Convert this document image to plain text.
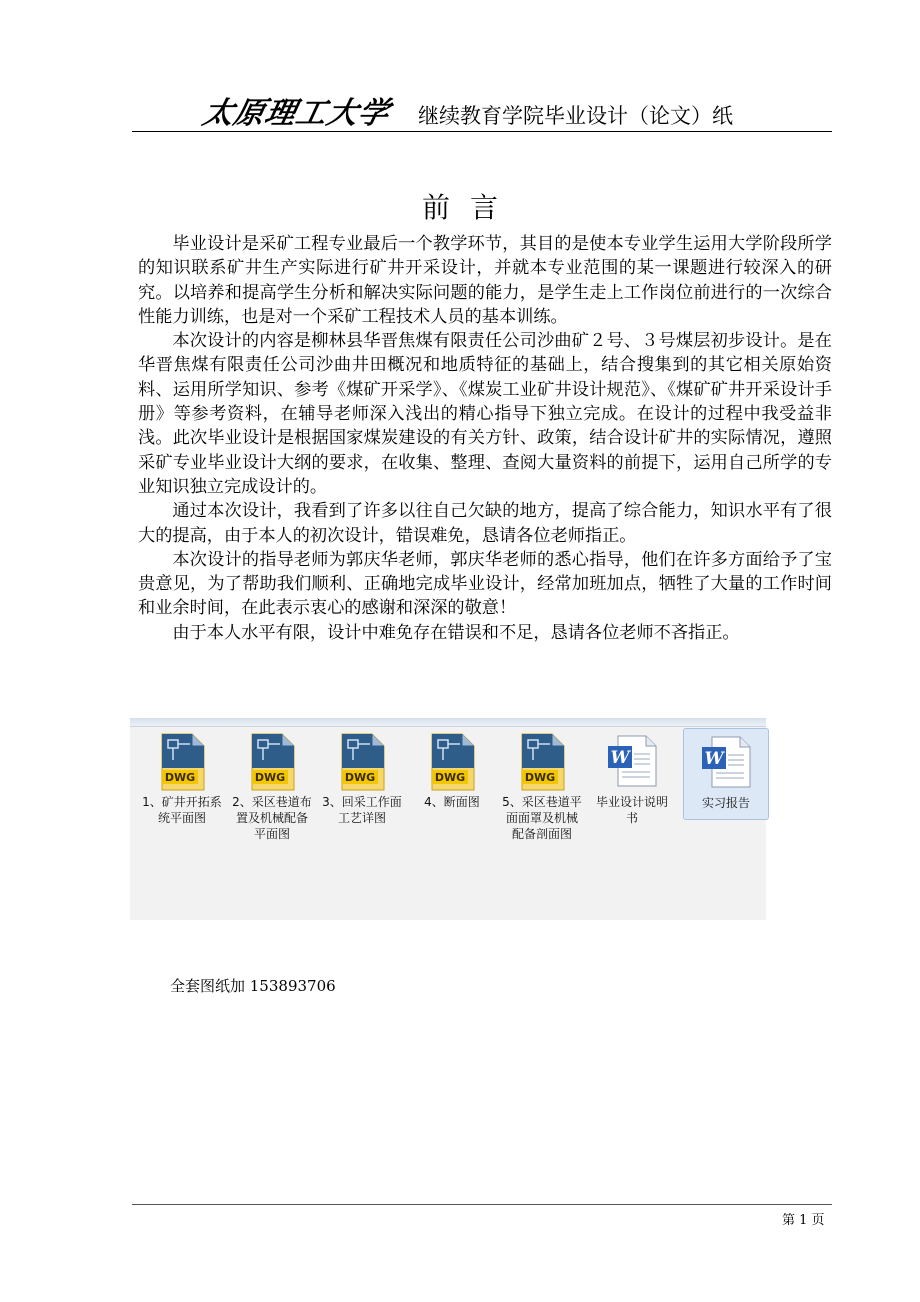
太原理工大学 继续教育学院毕业设计（论文）纸
前言

毕业设计是采矿工程专业最后一个教学环节，其目的是使本专业学生运用大学阶段所学的知识联系矿井生产实际进行矿井开采设计，并就本专业范围的某一课题进行较深入的研究。以培养和提高学生分析和解决实际问题的能力，是学生走上工作岗位前进行的一次综合性能力训练，也是对一个采矿工程技术人员的基本训练。

本次设计的内容是柳林县华晋焦煤有限责任公司沙曲矿２号、３号煤层初步设计。是在华晋焦煤有限责任公司沙曲井田概况和地质特征的基础上，结合搜集到的其它相关原始资料、运用所学知识、参考《煤矿开采学》、《煤炭工业矿井设计规范》、《煤矿矿井开采设计手册》等参考资料，在辅导老师深入浅出的精心指导下独立完成。在设计的过程中我受益非浅。此次毕业设计是根据国家煤炭建设的有关方针、政策，结合设计矿井的实际情况，遵照采矿专业毕业设计大纲的要求，在收集、整理、查阅大量资料的前提下，运用自己所学的专业知识独立完成设计的。

通过本次设计，我看到了许多以往自己欠缺的地方，提高了综合能力，知识水平有了很大的提高，由于本人的初次设计，错误难免，恳请各位老师指正。

本次设计的指导老师为郭庆华老师，郭庆华老师的悉心指导，他们在许多方面给予了宝贵意见，为了帮助我们顺利、正确地完成毕业设计，经常加班加点，牺牲了大量的工作时间和业余时间，在此表示衷心的感谢和深深的敬意！

由于本人水平有限，设计中难免存在错误和不足，恳请各位老师不吝指正。

DWG
1、矿井开拓系统平面图
DWG
2、采区巷道布置及机械配备平面图
DWG
3、回采工作面工艺详图
DWG
4、断面图
DWG
5、采区巷道平面面罩及机械配备剖面图
W
毕业设计说明书
W
实习报告
全套图纸加 153893706
第 1 页
